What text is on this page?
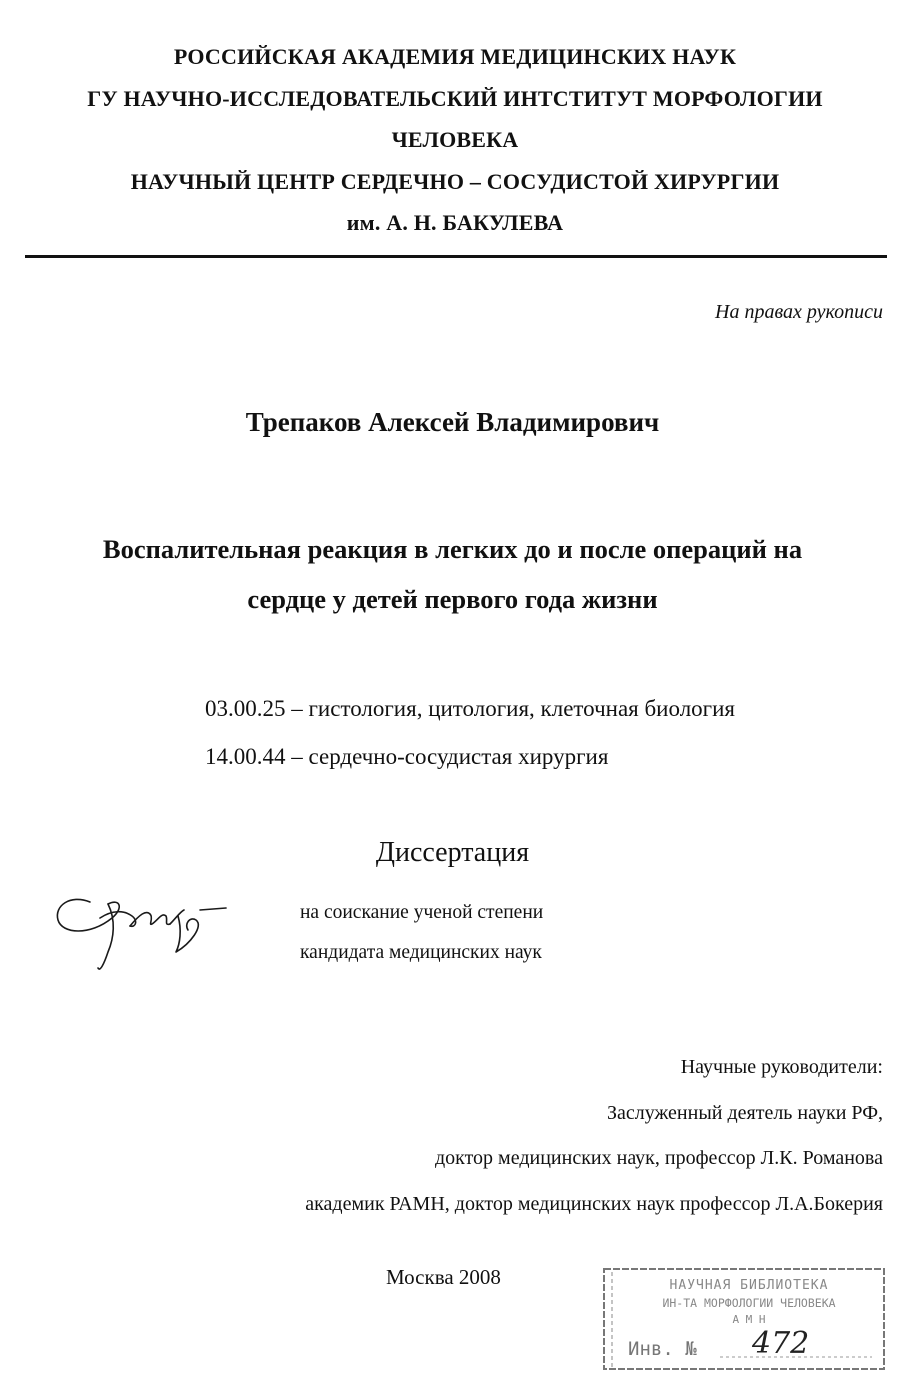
РОССИЙСКАЯ АКАДЕМИЯ МЕДИЦИНСКИХ НАУК
ГУ НАУЧНО-ИССЛЕДОВАТЕЛЬСКИЙ ИНТСТИТУТ МОРФОЛОГИИ
ЧЕЛОВЕКА
НАУЧНЫЙ ЦЕНТР СЕРДЕЧНО – СОСУДИСТОЙ ХИРУРГИИ
им. А. Н. БАКУЛЕВА
На правах рукописи
Трепаков Алексей Владимирович
Воспалительная реакция в легких до и после операций на
сердце у детей первого года жизни
03.00.25 – гистология, цитология, клеточная биология
14.00.44 – сердечно-сосудистая хирургия
Диссертация
на соискание ученой степени
кандидата медицинских наук
Научные руководители:
Заслуженный деятель науки РФ,
доктор медицинских наук, профессор Л.К. Романова
академик РАМН, доктор медицинских наук профессор Л.А.Бокерия
Москва 2008	НАУЧНАЯ БИБЛИОТЕКА
ИН-ТА МОРФОЛОГИИ ЧЕЛОВЕКА
А М Н
Инв. № 472
